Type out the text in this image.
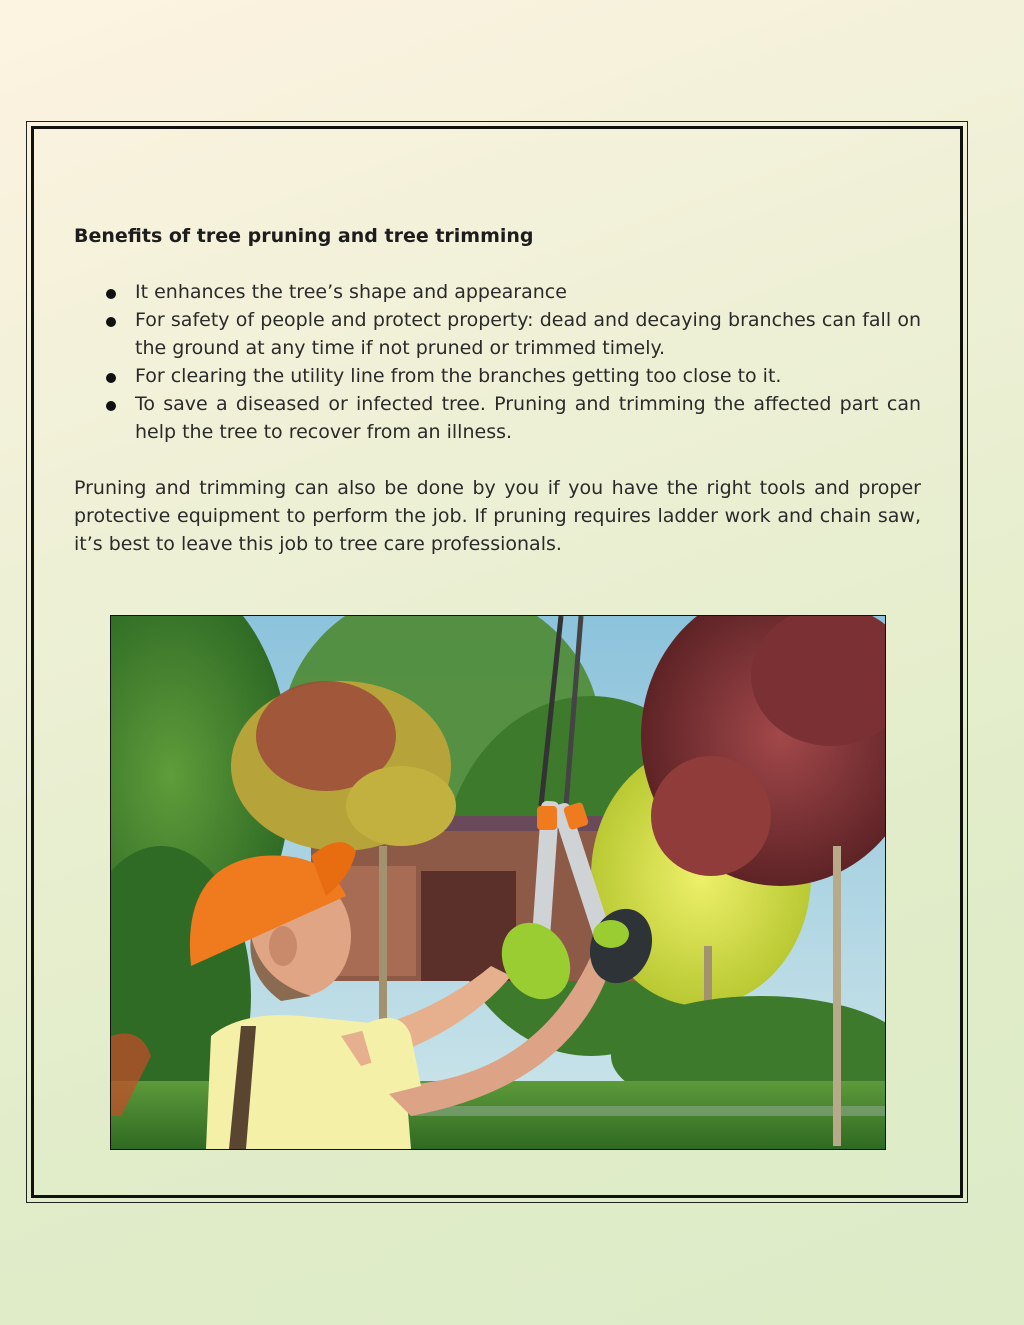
Benefits of tree pruning and tree trimming
It enhances the tree’s shape and appearance
For safety of people and protect property: dead and decaying branches can fall on the ground at any time if not pruned or trimmed timely.
For clearing the utility line from the branches getting too close to it.
To save a diseased or infected tree. Pruning and trimming the affected part can help the tree to recover from an illness.

Pruning and trimming can also be done by you if you have the right tools and proper protective equipment to perform the job. If pruning requires ladder work and chain saw, it’s best to leave this job to tree care professionals.
